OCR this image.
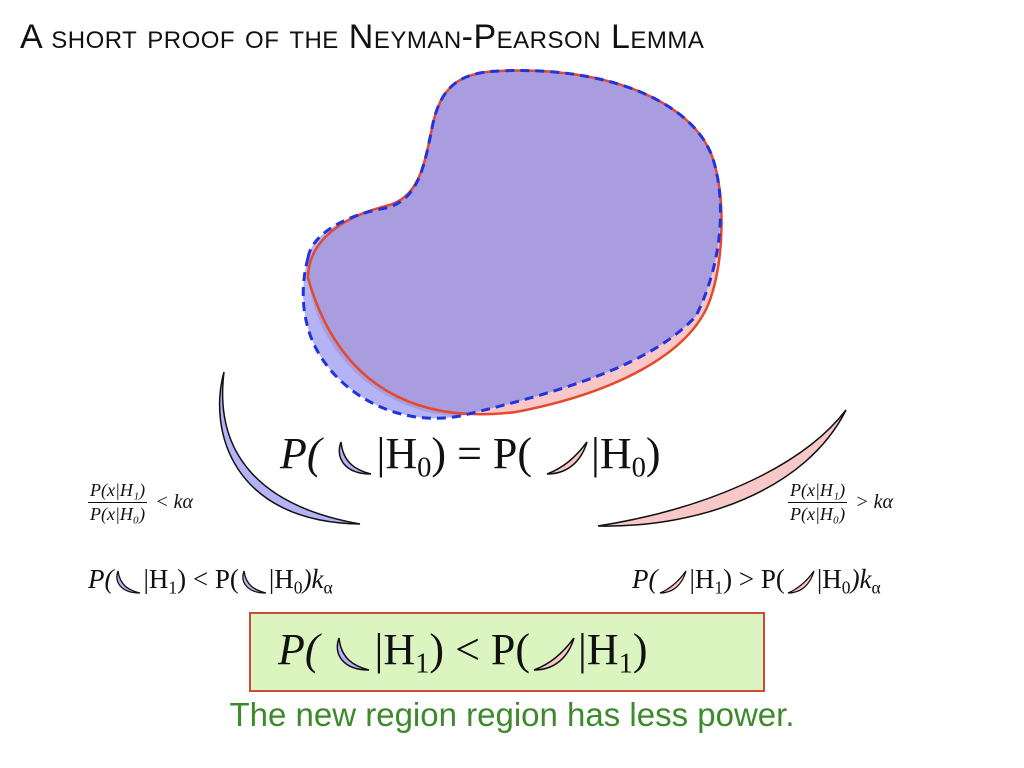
A short proof of the Neyman-Pearson Lemma
P( $|H_0) = P$( $|H_0$)
$\frac{\text{P(x|H₁)}}{\text{P(x|H₀)}} < k\alpha$	$\frac{\text{P(x|H₁)}}{\text{P(x|H₀)}} > k\alpha$
P( $|H_1) < P$( $|H_0)k_\alpha$	P( $|H_1) > P$( $|H_0)k_\alpha$
P( $|H_1) < P$( $|H_1$)
The new region region has less power.
